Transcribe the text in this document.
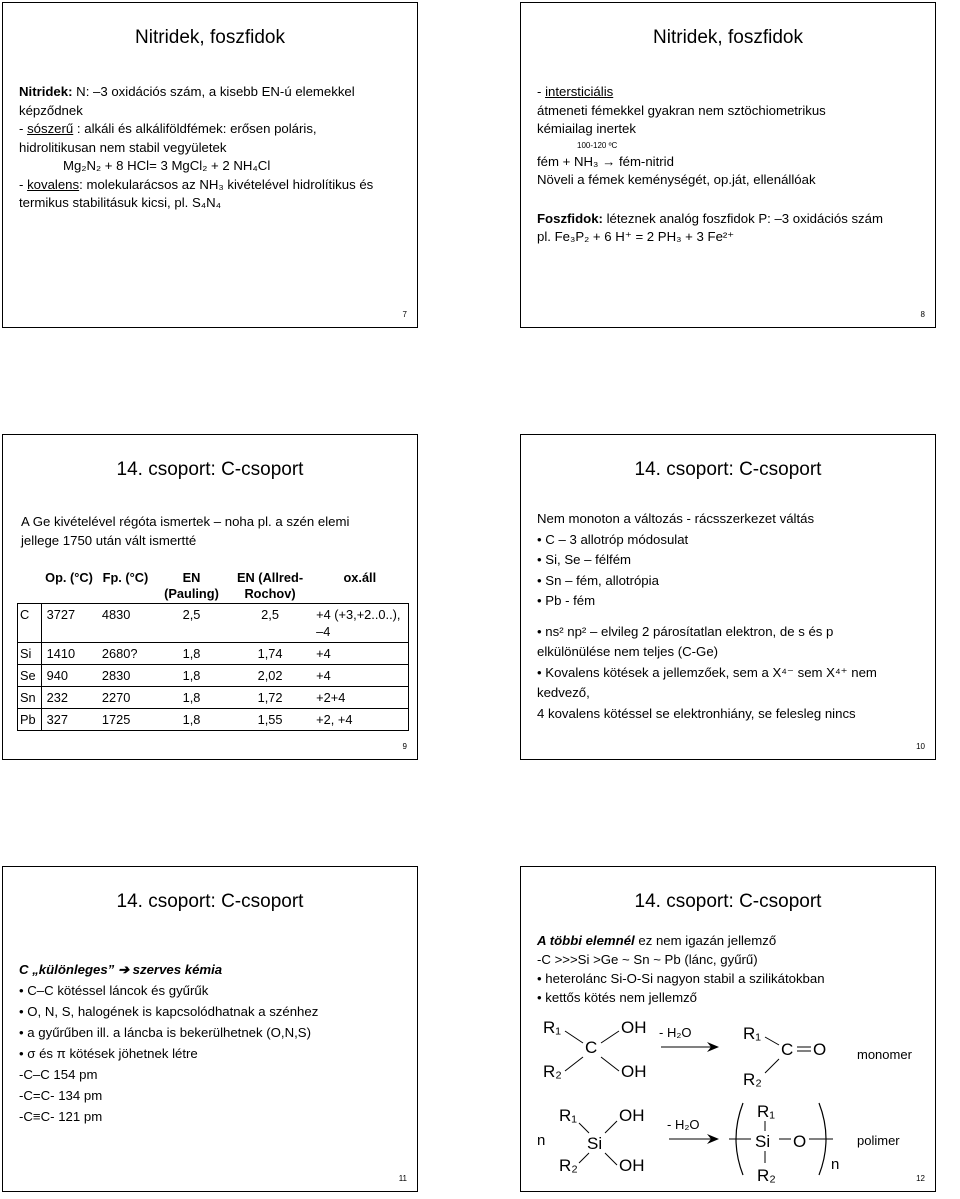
Nitridek, foszfidok
Nitridek: N: –3 oxidációs szám, a kisebb EN-ú elemekkel
képződnek
- sószerű : alkáli és alkáliföldfémek: erősen poláris,
hidrolitikusan nem stabil vegyületek
Mg₂N₂ + 8 HCl= 3 MgCl₂ + 2 NH₄Cl
- kovalens: molekularácsos az NH₃ kivételével hidrolítikus és
termikus stabilitásuk kicsi, pl. S₄N₄
7
Nitridek, foszfidok
- intersticiális
átmeneti fémekkel gyakran nem sztöchiometrikus
kémiailag inertek
100-120 ºC
fém + NH₃ → fém-nitrid
Növeli a fémek keménységét, op.ját, ellenállóak
Foszfidok: léteznek analóg foszfidok P: –3 oxidációs szám
pl. Fe₃P₂ + 6 H⁺ = 2 PH₃ + 3 Fe²⁺
8
14. csoport: C-csoport
A Ge kivételével régóta ismertek – noha pl. a szén elemi
jellege 1750 után vált ismertté
	Op. (°C)	Fp. (°C)	EN (Pauling)	EN (Allred-Rochov)	ox.áll
C	3727	4830	2,5	2,5	+4 (+3,+2..0..), –4
Si	1410	2680?	1,8	1,74	+4
Se	940	2830	1,8	2,02	+4
Sn	232	2270	1,8	1,72	+2+4
Pb	327	1725	1,8	1,55	+2, +4
9
14. csoport: C-csoport
Nem monoton a változás - rácsszerkezet váltás
• C – 3 allotróp módosulat
• Si, Se – félfém
• Sn – fém, allotrópia
• Pb - fém
• ns² np² – elvileg 2 párosítatlan elektron, de s és p
elkülönülése nem teljes (C-Ge)
• Kovalens kötések a jellemzőek, sem a X⁴⁻ sem X⁴⁺ nem
kedvező,
4 kovalens kötéssel se elektronhiány, se felesleg nincs
10
14. csoport: C-csoport
C „különleges” ➔ szerves kémia
• C–C kötéssel láncok és gyűrűk
• O, N, S, halogének is kapcsolódhatnak a szénhez
• a gyűrűben ill. a láncba is bekerülhetnek (O,N,S)
• σ és π kötések jöhetnek létre
-C–C 154 pm
-C=C- 134 pm
-C≡C- 121 pm
11
14. csoport: C-csoport
A többi elemnél ez nem igazán jellemző
-C >>>Si >Ge ~ Sn ~ Pb (lánc, gyűrű)
• heterolánc Si-O-Si nagyon stabil a szilikátokban
• kettős kötés nem jellemző
R₁
C
OH
R₂	OH
- H₂O	R₁
C O
R₂
monomer
n
R₁
Si
OH
R₂ OH
- H₂O
R₁
Si
R₂
O
n
polimer
12
